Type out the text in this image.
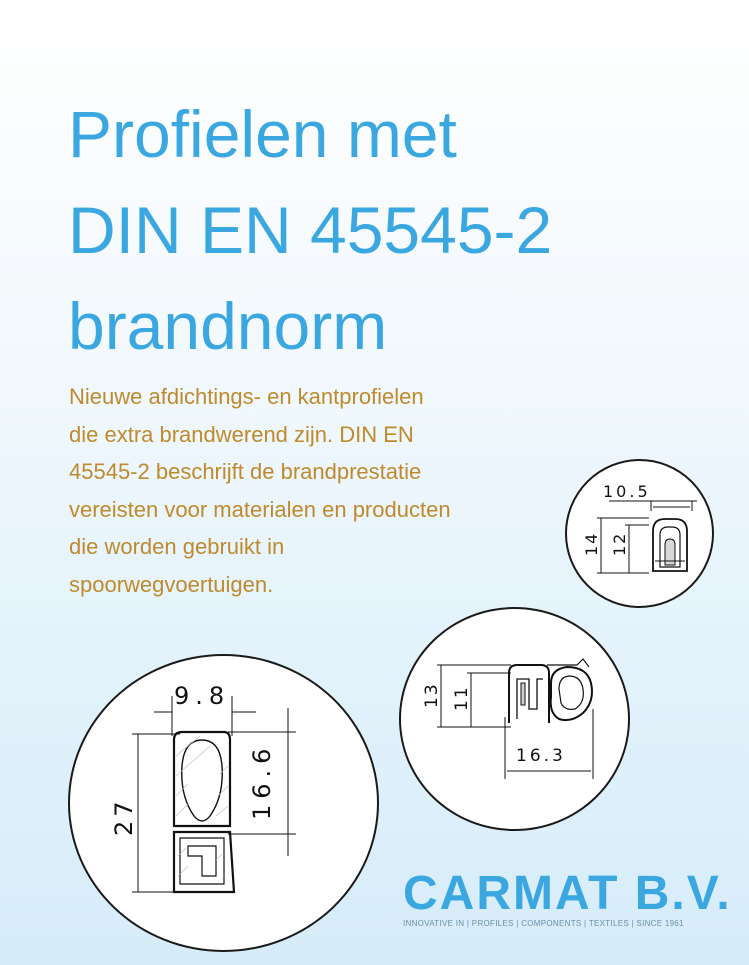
Profielen met
DIN EN 45545-2
brandnorm
Nieuwe afdichtings- en kantprofielen
die extra brandwerend zijn. DIN EN
45545-2 beschrijft de brandprestatie
vereisten voor materialen en producten
die worden gebruikt in
spoorwegvoertuigen.
10.5
14 12
13 11
16.3
9.8
27	16.6
CARMAT B.V.
INNOVATIVE IN | PROFILES | COMPONENTS | TEXTILES | SINCE 1961
